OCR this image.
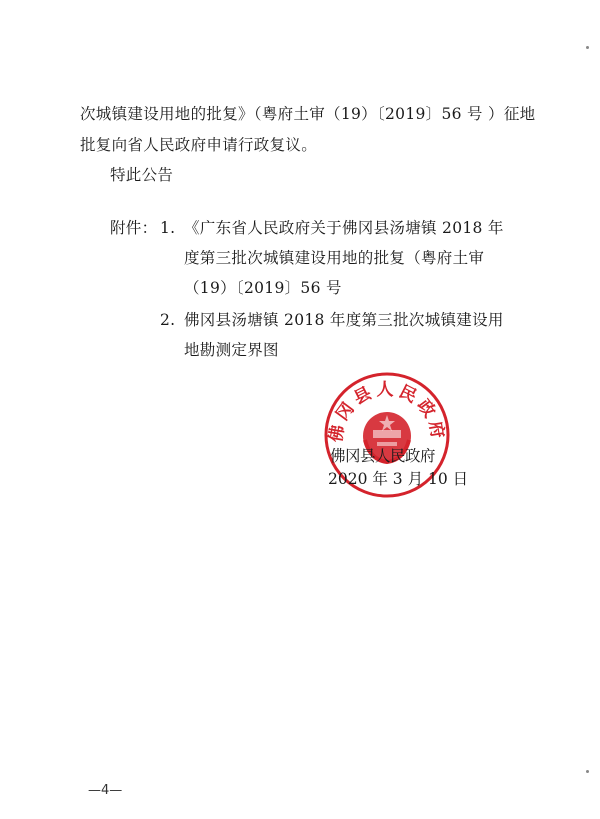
次城镇建设用地的批复》（粤府土审（19）〔2019〕56 号 ）征地
批复向省人民政府申请行政复议。
特此公告
附件： 1. 《广东省人民政府关于佛冈县汤塘镇 2018 年
度第三批次城镇建设用地的批复（粤府土审
（19）〔2019〕56 号
2. 佛冈县汤塘镇 2018 年度第三批次城镇建设用
地勘测定界图
佛冈县人民政府
佛冈县人民政府
2020 年 3 月 10 日
—4—
